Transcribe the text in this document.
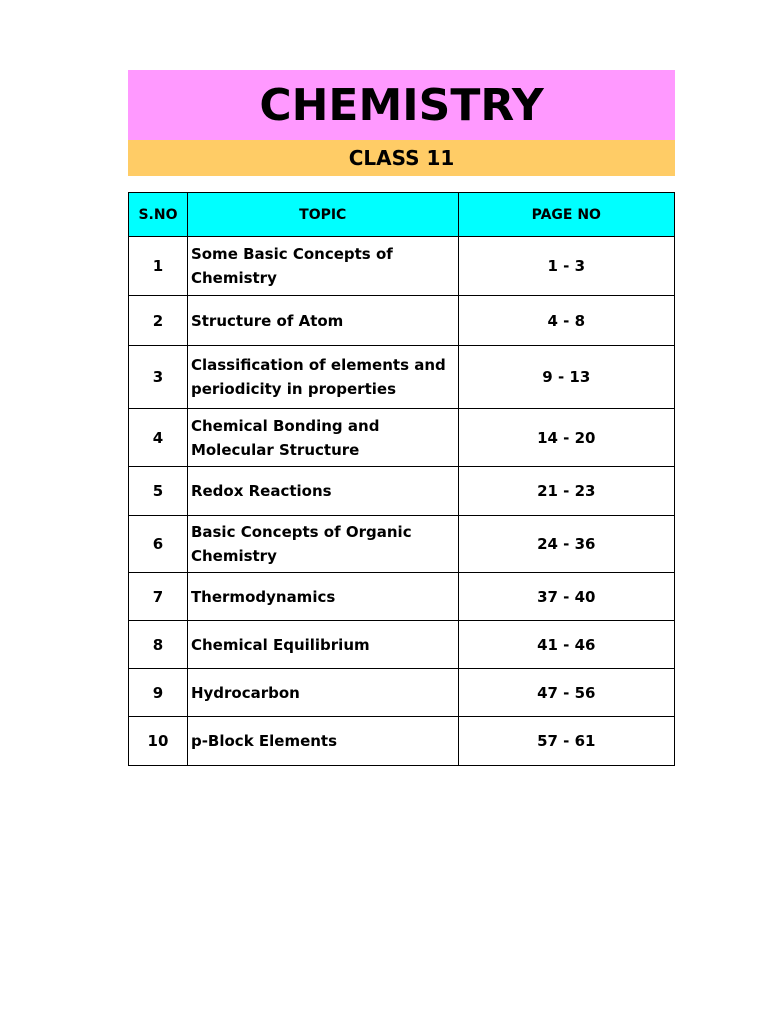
CHEMISTRY
CLASS 11
S.NO	TOPIC	PAGE NO
1	Some Basic Concepts of Chemistry	1 - 3
2	Structure of Atom	4 - 8
3	Classification of elements and periodicity in properties	9 - 13
4	Chemical Bonding and Molecular Structure	14 - 20
5	Redox Reactions	21 - 23
6	Basic Concepts of Organic Chemistry	24 - 36
7	Thermodynamics	37 - 40
8	Chemical Equilibrium	41 - 46
9	Hydrocarbon	47 - 56
10	p-Block Elements	57 - 61
